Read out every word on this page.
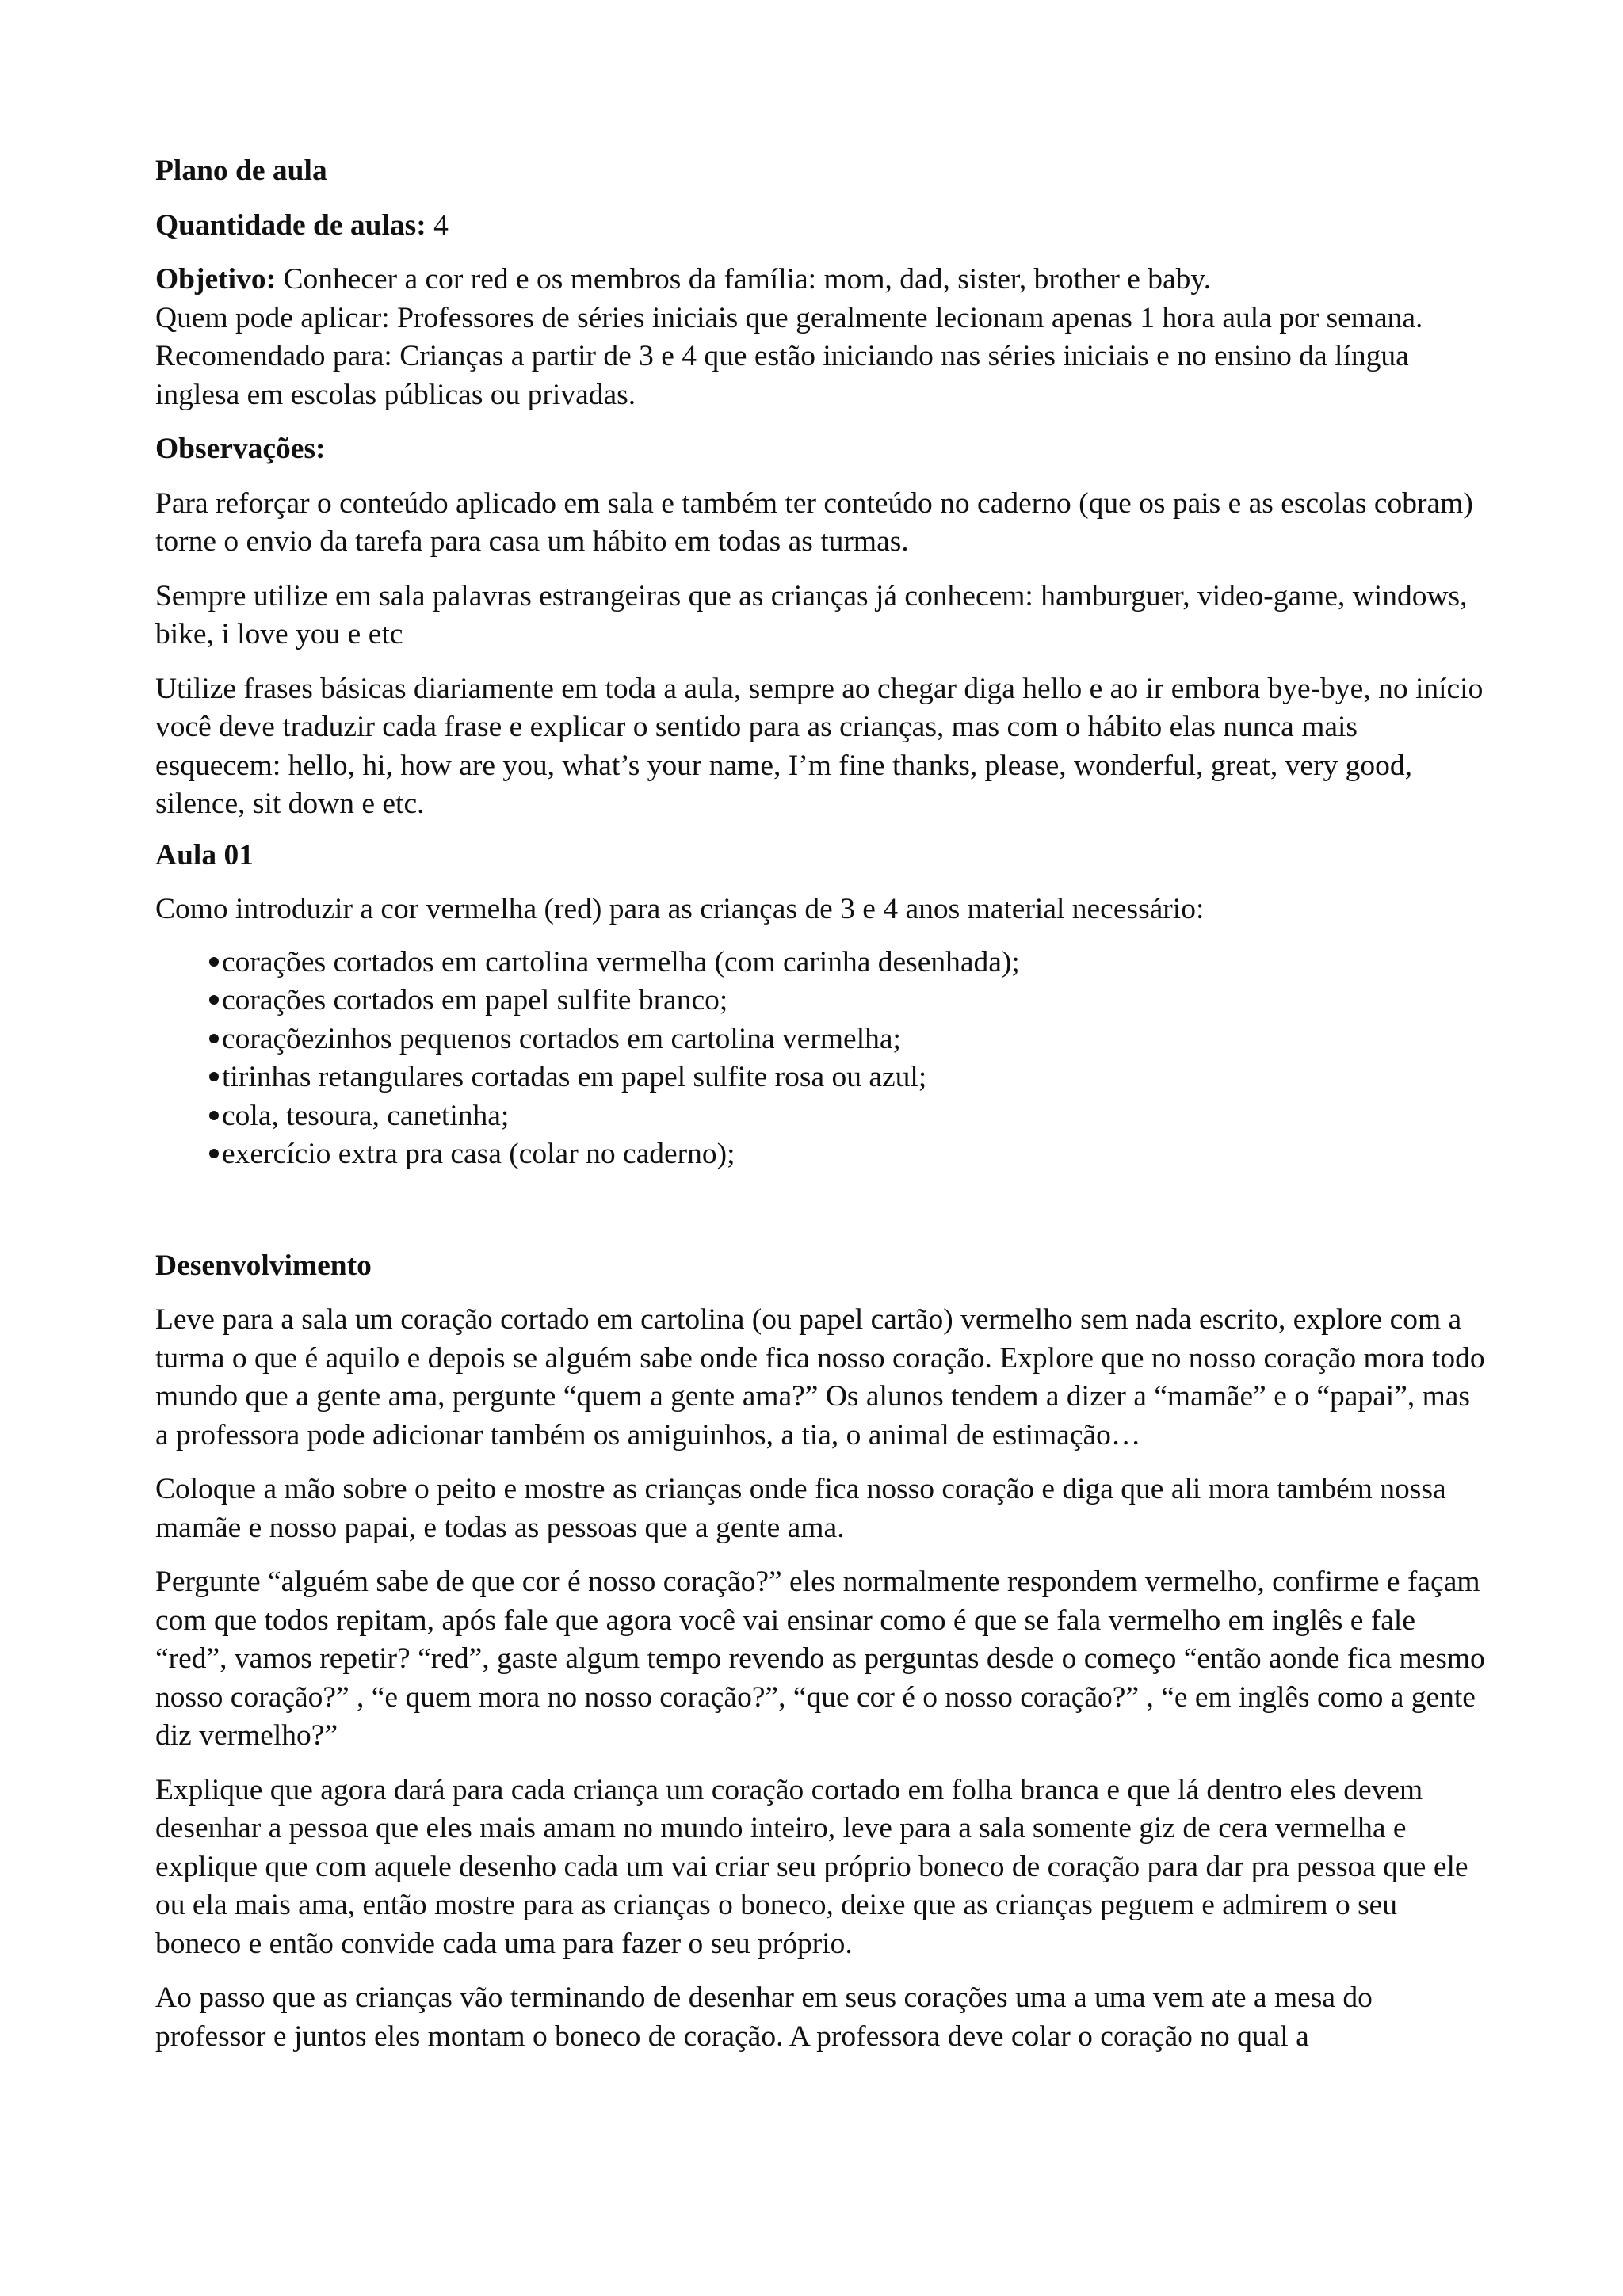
Plano de aula

Quantidade de aulas: 4

Objetivo: Conhecer a cor red e os membros da família: mom, dad, sister, brother e baby.

Quem pode aplicar: Professores de séries iniciais que geralmente lecionam apenas 1 hora aula por semana.

Recomendado para: Crianças a partir de 3 e 4 que estão iniciando nas séries iniciais e no ensino da língua inglesa em escolas públicas ou privadas.

Observações:

Para reforçar o conteúdo aplicado em sala e também ter conteúdo no caderno (que os pais e as escolas cobram) torne o envio da tarefa para casa um hábito em todas as turmas.

Sempre utilize em sala palavras estrangeiras que as crianças já conhecem: hamburguer, video-game, windows, bike, i love you e etc

Utilize frases básicas diariamente em toda a aula, sempre ao chegar diga hello e ao ir embora bye-bye, no início você deve traduzir cada frase e explicar o sentido para as crianças, mas com o hábito elas nunca mais esquecem: hello, hi, how are you, what’s your name, I’m fine thanks, please, wonderful, great, very good, silence, sit down e etc.

Aula 01

Como introduzir a cor vermelha (red) para as crianças de 3 e 4 anos material necessário:

corações cortados em cartolina vermelha (com carinha desenhada);
corações cortados em papel sulfite branco;
coraçõezinhos pequenos cortados em cartolina vermelha;
tirinhas retangulares cortadas em papel sulfite rosa ou azul;
cola, tesoura, canetinha;
exercício extra pra casa (colar no caderno);

Desenvolvimento

Leve para a sala um coração cortado em cartolina (ou papel cartão) vermelho sem nada escrito, explore com a turma o que é aquilo e depois se alguém sabe onde fica nosso coração. Explore que no nosso coração mora todo mundo que a gente ama, pergunte “quem a gente ama?” Os alunos tendem a dizer a “mamãe” e o “papai”, mas a professora pode adicionar também os amiguinhos, a tia, o animal de estimação…

Coloque a mão sobre o peito e mostre as crianças onde fica nosso coração e diga que ali mora também nossa mamãe e nosso papai, e todas as pessoas que a gente ama.

Pergunte “alguém sabe de que cor é nosso coração?” eles normalmente respondem vermelho, confirme e façam com que todos repitam, após fale que agora você vai ensinar como é que se fala vermelho em inglês e fale “red”, vamos repetir? “red”, gaste algum tempo revendo as perguntas desde o começo “então aonde fica mesmo nosso coração?” , “e quem mora no nosso coração?”, “que cor é o nosso coração?” , “e em inglês como a gente diz vermelho?”

Explique que agora dará para cada criança um coração cortado em folha branca e que lá dentro eles devem desenhar a pessoa que eles mais amam no mundo inteiro, leve para a sala somente giz de cera vermelha e explique que com aquele desenho cada um vai criar seu próprio boneco de coração para dar pra pessoa que ele ou ela mais ama, então mostre para as crianças o boneco, deixe que as crianças peguem e admirem o seu boneco e então convide cada uma para fazer o seu próprio.

Ao passo que as crianças vão terminando de desenhar em seus corações uma a uma vem ate a mesa do professor e juntos eles montam o boneco de coração. A professora deve colar o coração no qual a
